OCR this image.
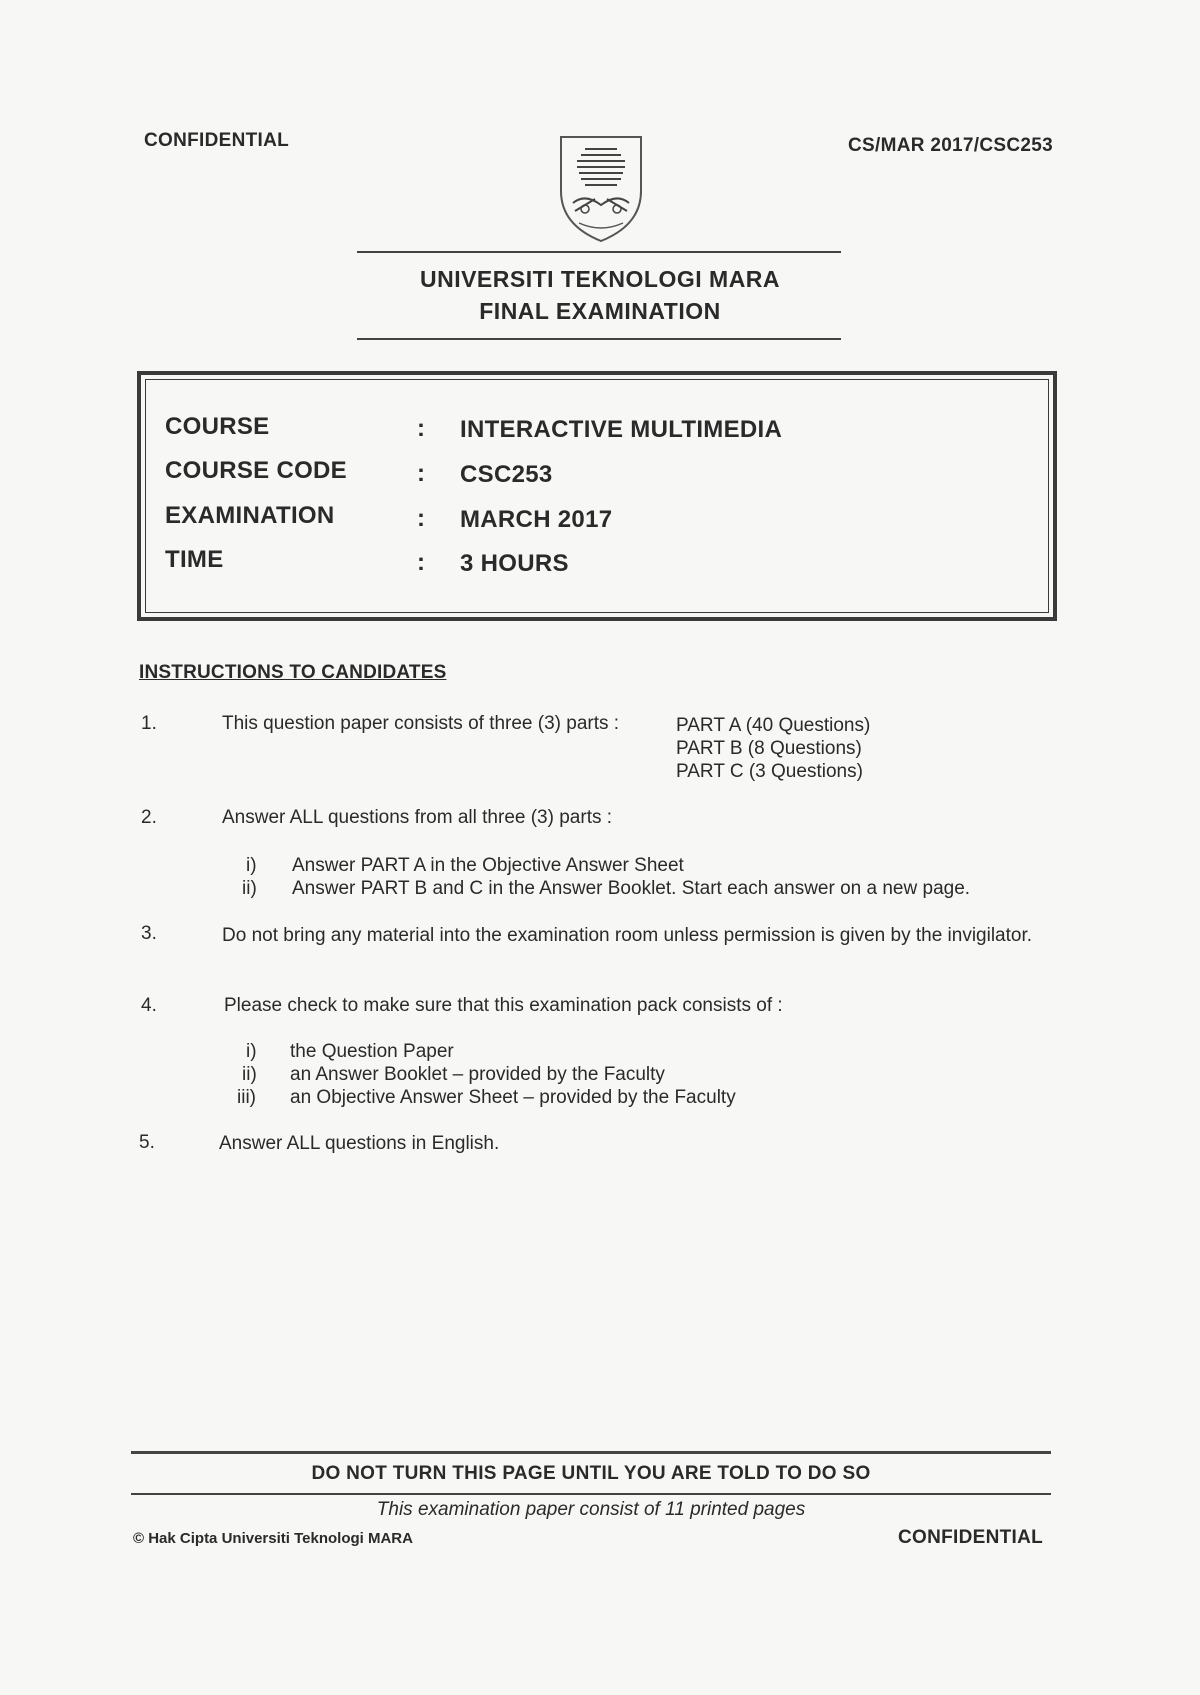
CONFIDENTIAL	CS/MAR 2017/CSC253
UNIVERSITI TEKNOLOGI MARA
FINAL EXAMINATION
COURSE	: INTERACTIVE MULTIMEDIA
COURSE CODE	: CSC253
EXAMINATION	: MARCH 2017
TIME	: 3 HOURS
INSTRUCTIONS TO CANDIDATES
1.	This question paper consists of three (3) parts :	PART A (40 Questions)
PART B (8 Questions)
PART C (3 Questions)
2.	Answer ALL questions from all three (3) parts :
i) Answer PART A in the Objective Answer Sheet
ii) Answer PART B and C in the Answer Booklet. Start each answer on a new page.
3.	Do not bring any material into the examination room unless permission is given by the invigilator.
4.	Please check to make sure that this examination pack consists of :
i) the Question Paper
ii) an Answer Booklet – provided by the Faculty
iii) an Objective Answer Sheet – provided by the Faculty
5.	Answer ALL questions in English.
DO NOT TURN THIS PAGE UNTIL YOU ARE TOLD TO DO SO
This examination paper consist of 11 printed pages
© Hak Cipta Universiti Teknologi MARA	CONFIDENTIAL
